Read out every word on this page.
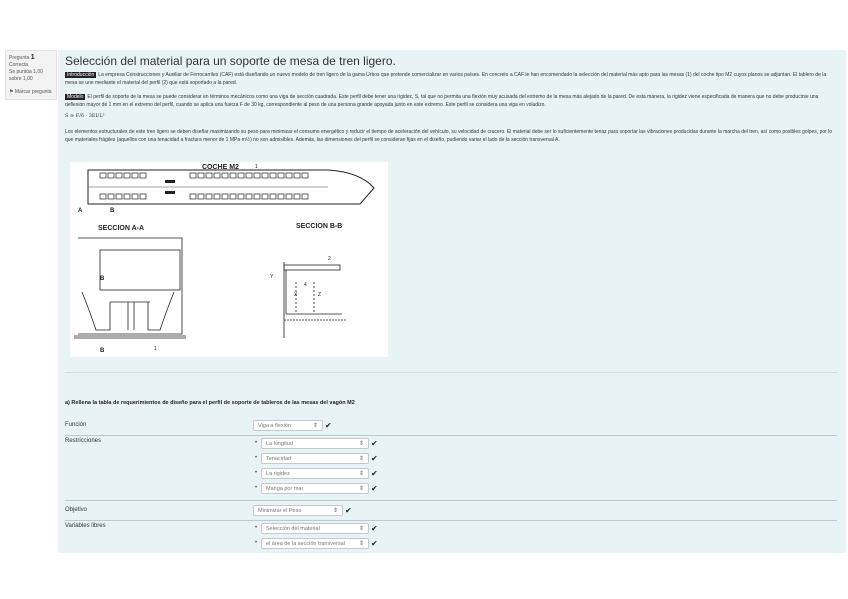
Pregunta 1
Correcta
Se puntúa 1,00 sobre 1,00
⚑ Marcar pregunta
Selección del material para un soporte de mesa de tren ligero.
Introducción La empresa Construcciones y Auxiliar de Ferrocarriles (CAF) está diseñando un nuevo modelo de tren ligero de la gama Urbos que pretende comercializar en varios países. En concreto a CAF le han encomendado la selección del material más apto para las mesas (1) del coche tipo M2 cuyos planos se adjuntan. El tablero de la mesa se une mediante el material del perfil (2) que está soportado a la pared.
Modelo El perfil de soporte de la mesa se puede considerar en términos mecánicos como una viga de sección cuadrada. Este perfil debe tener una rigidez, S, tal que no permita una flexión muy acusada del extremo de la mesa más alejado de la pared. De esta manera, la rigidez viene especificada de manera que no debe producirse una deflexión mayor de 1 mm en el extremo del perfil, cuando se aplica una fuerza F de 30 kg, correspondiente al peso de una persona grande apoyada junto en este extremo. Este perfil se considera una viga en voladizo.
S ≥ F/δ · 3EI/L³
Los elementos estructurales de este tren ligero se deben diseñar maximizando su peso para minimizar el consumo energético y reducir el tiempo de aceleración del vehículo, su velocidad de crucero. El material debe ser lo suficientemente tenaz para soportar las vibraciones producidas durante la marcha del tren, así como posibles golpes, por lo que materiales frágiles (aquellos con una tenacidad a fractura menor de 1 MPa·m½) no son admisibles. Además, las dimensiones del perfil se consideran fijas en el diseño, pudiendo variar el lado de la sección transversal A.
COCHE M2
A	B
1
SECCION B-B
SECCION A-A
B
B	1
2
4
X
Y
Z
a) Rellena la tabla de requerimientos de diseño para el perfil de soporte de tableros de las mesas del vagón M2
Función	Viga a flexión	⇕ ✔
Restricciones	•	La longitud	⇕ ✔
•	Tenacidad	⇕ ✔
•	La rigidez	⇕ ✔
•	Manga por mar	⇕ ✔
Objetivo	Minimizar el Peso	⇕ ✔
Variables libres	•	Selección del material	⇕ ✔
•	el área de la sección transversal ⇕ ✔
